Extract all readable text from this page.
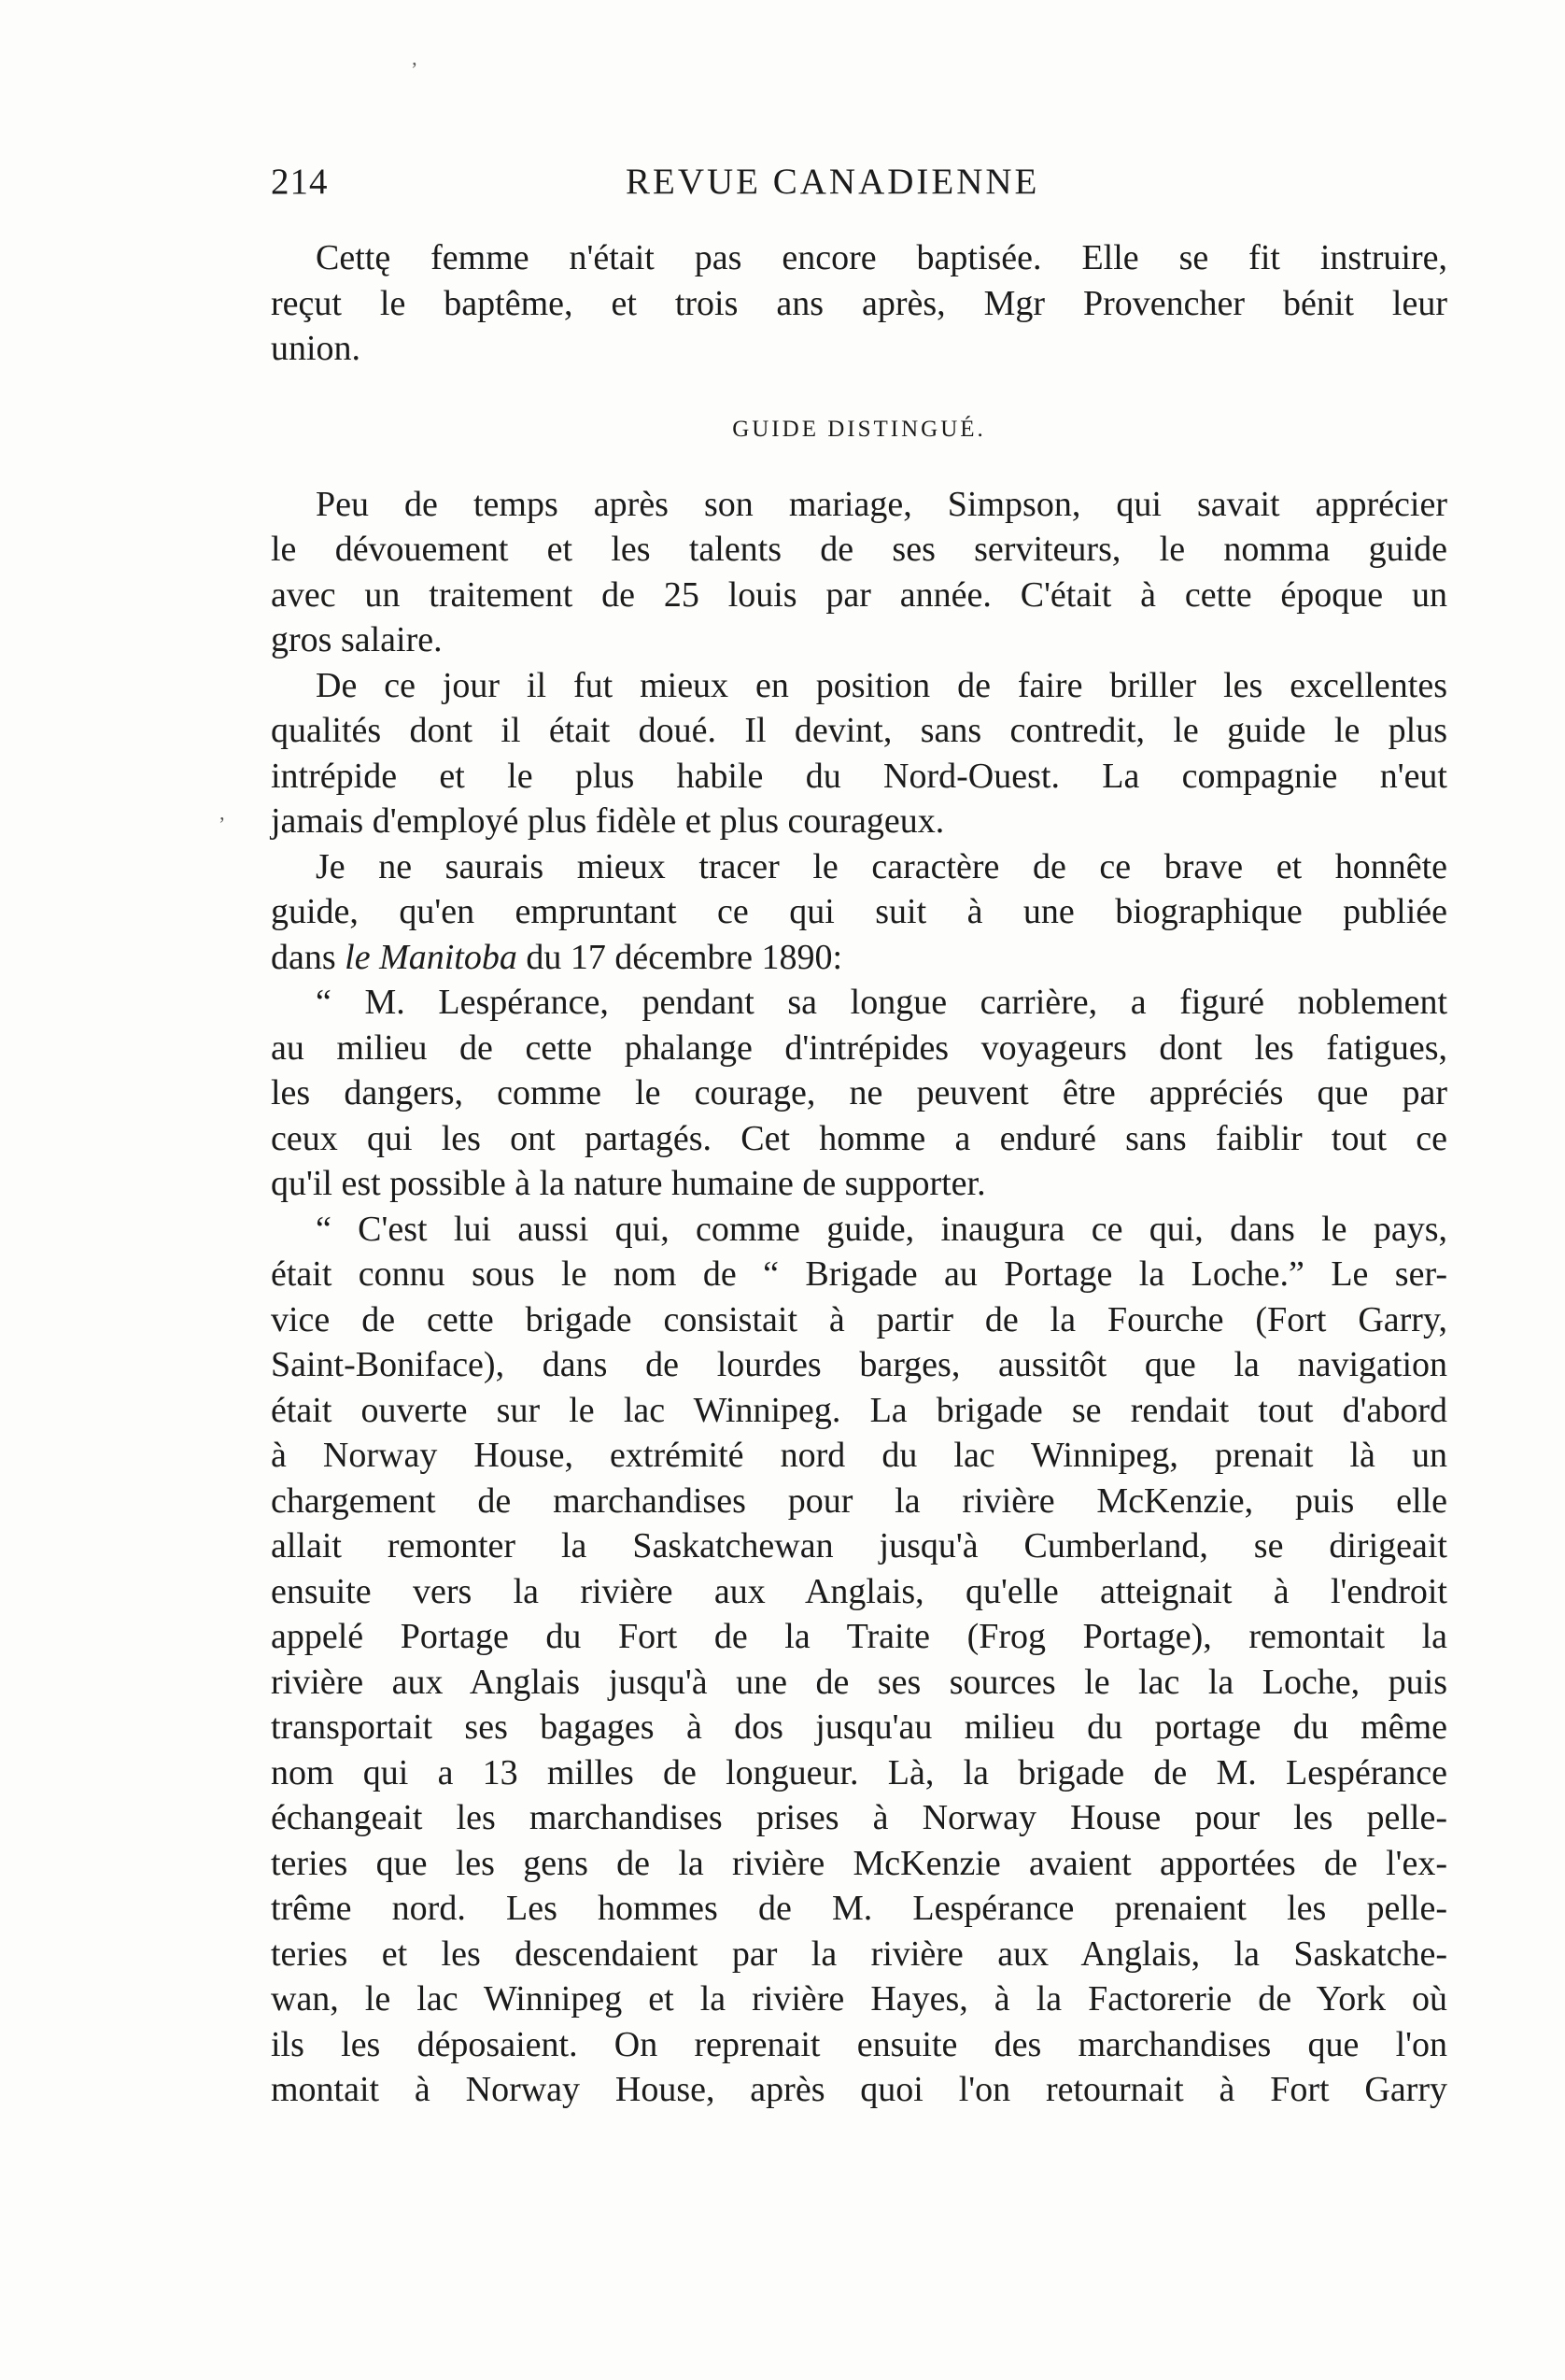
ʼ
ʼ
214	REVUE CANADIENNE
Cettę femme n'était pas encore baptisée. Elle se fit instruire,
reçut le baptême, et trois ans après, Mgr Provencher bénit leur
union.
GUIDE DISTINGUÉ.
Peu de temps après son mariage, Simpson, qui savait apprécier
le dévouement et les talents de ses serviteurs, le nomma guide
avec un traitement de 25 louis par année. C'était à cette époque un
gros salaire.
De ce jour il fut mieux en position de faire briller les excellentes
qualités dont il était doué. Il devint, sans contredit, le guide le plus
intrépide et le plus habile du Nord-Ouest. La compagnie n'eut
jamais d'employé plus fidèle et plus courageux.
Je ne saurais mieux tracer le caractère de ce brave et honnête
guide, qu'en empruntant ce qui suit à une biographique publiée
dans le Manitoba du 17 décembre 1890:
“ M. Lespérance, pendant sa longue carrière, a figuré noblement
au milieu de cette phalange d'intrépides voyageurs dont les fatigues,
les dangers, comme le courage, ne peuvent être appréciés que par
ceux qui les ont partagés. Cet homme a enduré sans faiblir tout ce
qu'il est possible à la nature humaine de supporter.
“ C'est lui aussi qui, comme guide, inaugura ce qui, dans le pays,
était connu sous le nom de “ Brigade au Portage la Loche.” Le ser-
vice de cette brigade consistait à partir de la Fourche (Fort Garry,
Saint-Boniface), dans de lourdes barges, aussitôt que la navigation
était ouverte sur le lac Winnipeg. La brigade se rendait tout d'abord
à Norway House, extrémité nord du lac Winnipeg, prenait là un
chargement de marchandises pour la rivière McKenzie, puis elle
allait remonter la Saskatchewan jusqu'à Cumberland, se dirigeait
ensuite vers la rivière aux Anglais, qu'elle atteignait à l'endroit
appelé Portage du Fort de la Traite (Frog Portage), remontait la
rivière aux Anglais jusqu'à une de ses sources le lac la Loche, puis
transportait ses bagages à dos jusqu'au milieu du portage du même
nom qui a 13 milles de longueur. Là, la brigade de M. Lespérance
échangeait les marchandises prises à Norway House pour les pelle-
teries que les gens de la rivière McKenzie avaient apportées de l'ex-
trême nord. Les hommes de M. Lespérance prenaient les pelle-
teries et les descendaient par la rivière aux Anglais, la Saskatche-
wan, le lac Winnipeg et la rivière Hayes, à la Factorerie de York où
ils les déposaient. On reprenait ensuite des marchandises que l'on
montait à Norway House, après quoi l'on retournait à Fort Garry
